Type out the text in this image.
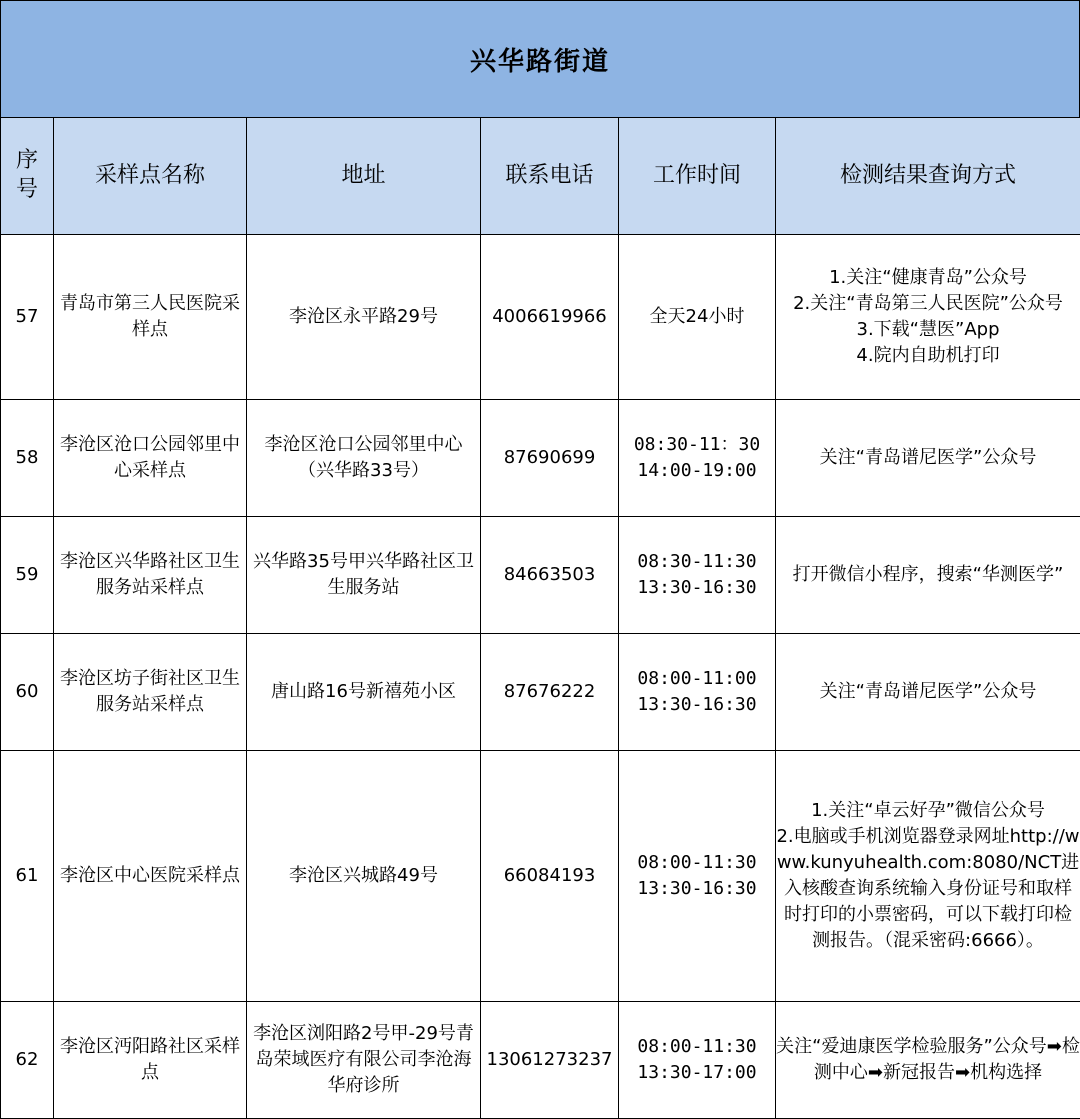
兴华路街道
序号	采样点名称	地址	联系电话	工作时间	检测结果查询方式
57	青岛市第三人民医院采样点	李沧区永平路29号	4006619966	全天24小时	1.关注“健康青岛”公众号
2.关注“青岛第三人民医院”公众号
3.下载“慧医”App
4.院内自助机打印

58	李沧区沧口公园邻里中心采样点	李沧区沧口公园邻里中心（兴华路33号）	87690699	08:30-11：30
14:00-19:00	关注“青岛谱尼医学”公众号

59	李沧区兴华路社区卫生服务站采样点	兴华路35号甲兴华路社区卫生服务站	84663503	08:30-11:30
13:30-16:30	打开微信小程序，搜索“华测医学”

60	李沧区坊子街社区卫生服务站采样点	唐山路16号新禧苑小区	87676222	08:00-11:00
13:30-16:30	关注“青岛谱尼医学”公众号

61	李沧区中心医院采样点	李沧区兴城路49号	66084193	08:00-11:30
13:30-16:30	1.关注“卓云好孕”微信公众号
2.电脑或手机浏览器登录网址http://www.kunyuhealth.com:8080/NCT进入核酸查询系统输入身份证号和取样时打印的小票密码，可以下载打印检测报告。（混采密码:6666）。

62	李沧区沔阳路社区采样点	李沧区浏阳路2号甲-29号青岛荣域医疗有限公司李沧海华府诊所	13061273237	08:00-11:30
13:30-17:00	关注“爱迪康医学检验服务”公众号➡检测中心➡新冠报告➡机构选择
